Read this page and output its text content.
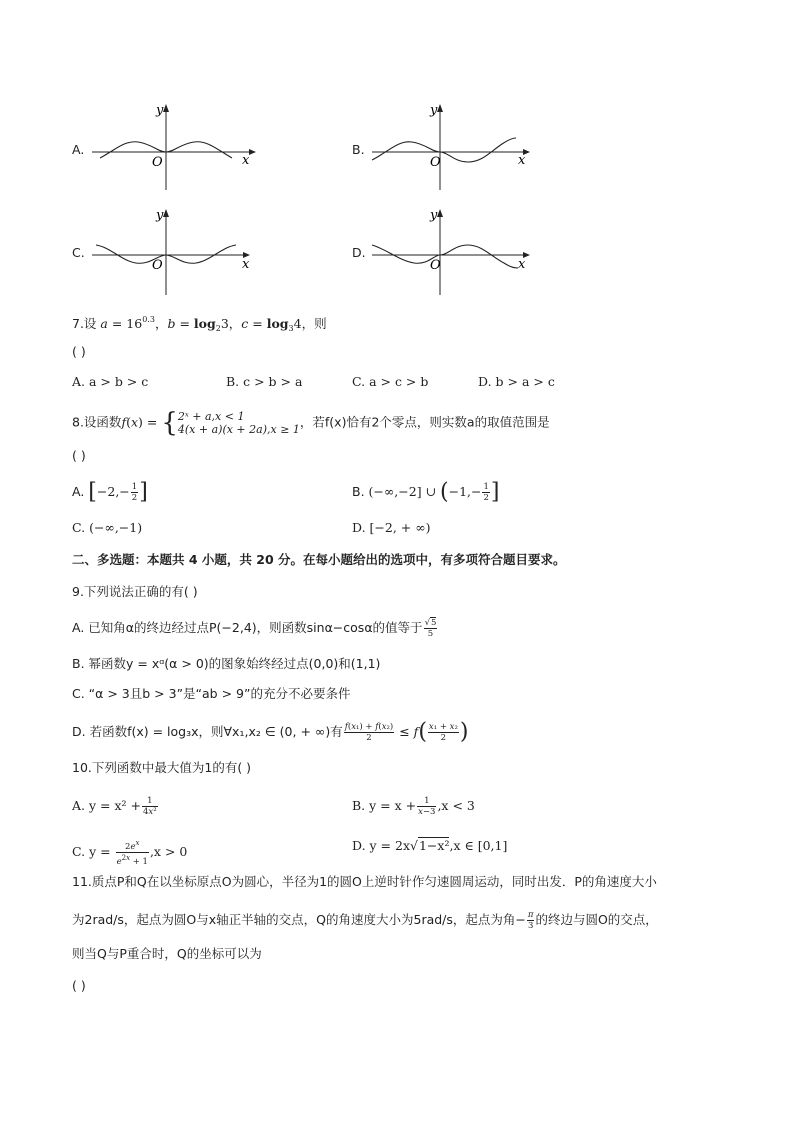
A.
y
x
O
B.
y
x
O
C.
y
x
O
D.
y
x
O
7.设 $a = 16^{0.3}$，$b = \log_23$，$c = \log_34$，则
( )
A. a > b > c	B. c > b > a	C. a > c > b	D. b > a > c
8.设函数f(x) = { 2ˣ + a,x < 1
4(x + a)(x + 2a),x ≥ 1 ，若f(x)恰有2个零点，则实数a的取值范围是
( )
A. [$-2,- \frac{1}{2}$ ]	B. (−∞,−2] ∪ ($-1,- \frac{1}{2}$ ]
C. (−∞,−1)	D. [−2, + ∞)
二、多选题：本题共 4 小题，共 20 分。在每小题给出的选项中，有多项符合题目要求。
9.下列说法正确的有( )
A. 已知角α的终边经过点P(−2,4)，则函数sinα−cosα的值等于 $\frac{√5}{5}$
B. 幂函数y = xᵅ(α > 0)的图象始终经过点(0,0)和(1,1)
C. “α > 3且b > 3”是“ab > 9”的充分不必要条件
D. 若函数f(x) = log₃x，则∀x₁,x₂ ∈ (0, + ∞)有 $\frac{\text{f(x₁) + f(x₂)}}{2} \le f( \frac{\text{x₁ + x₂}}{2}$ )
10.下列函数中最大值为1的有( )
A. $y = x^2 + \frac{1}{\text{4x²}}$	B. $y = x + \frac{1}{x-3} ,x < 3$
C. $y = \frac{2e^x}{e^{2x} + 1} ,x > 0$	D. y = 2x√1−x²,x ∈ [0,1]
11.质点P和Q在以坐标原点O为圆心，半径为1的圆O上逆时针作匀速圆周运动，同时出发．P的角速度大小
为2rad/s，起点为圆O与x轴正半轴的交点，Q的角速度大小为5rad/s，起点为角− $\frac{\pi}{3}$ 的终边与圆O的交点，
则当Q与P重合时，Q的坐标可以为
( )
